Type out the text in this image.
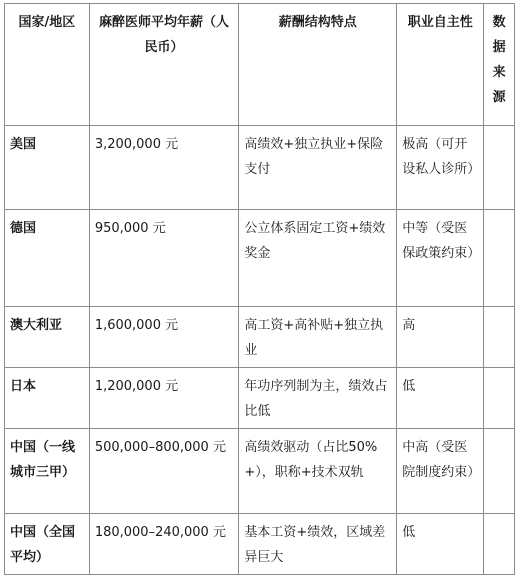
国家/地区	麻醉医师平均年薪（人民币）	薪酬结构特点	职业自主性	数据来源
美国	3,200,000 元	高绩效+独立执业+保险支付	极高（可开设私人诊所）	
德国	950,000 元	公立体系固定工资+绩效奖金	中等（受医保政策约束）	
澳大利亚	1,600,000 元	高工资+高补贴+独立执业	高	
日本	1,200,000 元	年功序列制为主，绩效占比低	低	
中国（一线城市三甲）	500,000–800,000 元	高绩效驱动（占比50%+），职称+技术双轨	中高（受医院制度约束）	
中国（全国平均）	180,000–240,000 元	基本工资+绩效，区域差异巨大	低	
